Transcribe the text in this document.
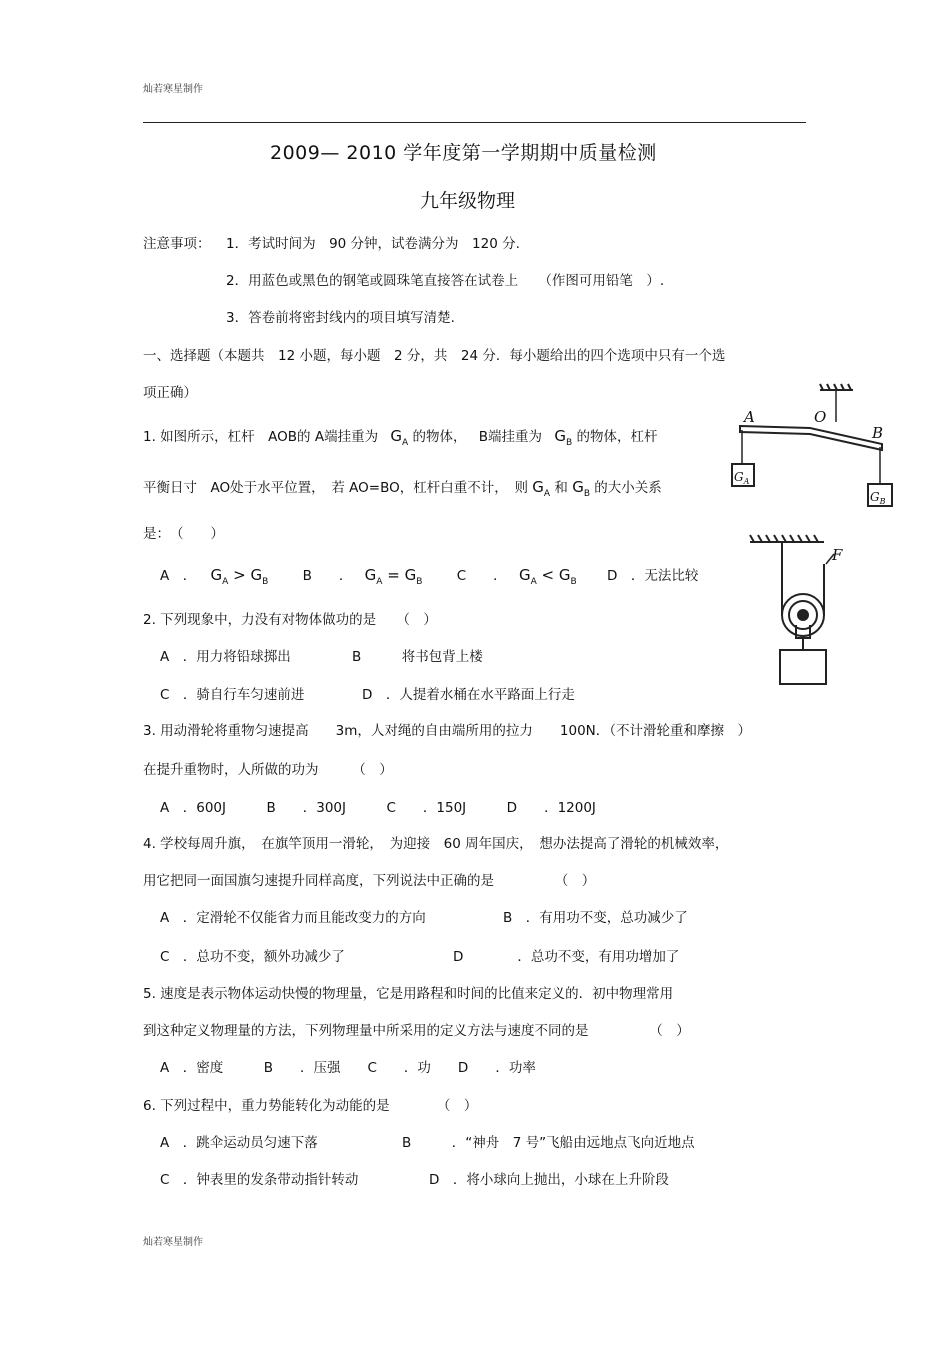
灿若寒星制作
2009— 2010 学年度第一学期期中质量检测
九年级物理
注意事项： 1．考试时间为　90 分钟，试卷满分为　120 分.
2．用蓝色或黑色的钢笔或圆珠笔直接答在试卷上　　（作图可用铅笔　）.
3．答卷前将密封线内的项目填写清楚.
一、选择题（本题共　12 小题，每小题　2 分，共　24 分．每小题给出的四个选项中只有一个选
项正确）
1. 如图所示，杠杆　AOB的 A端挂重为 $G_A$ 的物体， B端挂重为 $G_B$ 的物体，杠杆
平衡日寸　AO处于水平位置，　若 AO=BO，杠杆白重不计，　则 $G_A$ 和 $G_B$ 的大小关系
是：　（　　）
A　． $G_A > G_B$	B　　． $G_A = G_B$	C　　． $G_A < G_B$ D　．无法比较
2. 下列现象中，力没有对物体做功的是　　（　）
A　．用力将铅球掷出	B　　　将书包背上楼
C　．骑自行车匀速前进	D　．人提着水桶在水平路面上行走
3. 用动滑轮将重物匀速提高　　3m，人对绳的自由端所用的拉力　　100N．（不计滑轮重和摩擦　）
在提升重物时，人所做的功为　　　（　）
A　．600J　　　B　　．300J　　　C　　．150J　　　D　　．1200J
4. 学校每周升旗，　在旗竿顶用一滑轮，　为迎接　60 周年国庆，　想办法提高了滑轮的机械效率，
用它把同一面国旗匀速提升同样高度，下列说法中正确的是　　　　　（　）
A　．定滑轮不仅能省力而且能改变力的方向	B　．有用功不变，总功减少了
C　．总功不变，额外功减少了	D　　　　．总功不变，有用功增加了
5. 速度是表示物体运动快慢的物理量，它是用路程和时间的比值来定义的．初中物理常用
到这种定义物理量的方法，下列物理量中所采用的定义方法与速度不同的是　　　　　（　）
A　．密度　　　B　　．压强　　C　　．功　　D　　．功率
6. 下列过程中，重力势能转化为动能的是　　　　（　）
A　．跳伞运动员匀速下落	B　　　．“神舟　7 号”飞船由远地点飞向近地点
C　．钟表里的发条带动指针转动	D　．将小球向上抛出，小球在上升阶段
灿若寒星制作
A	O
B
$G_A$
$G_B$
F
